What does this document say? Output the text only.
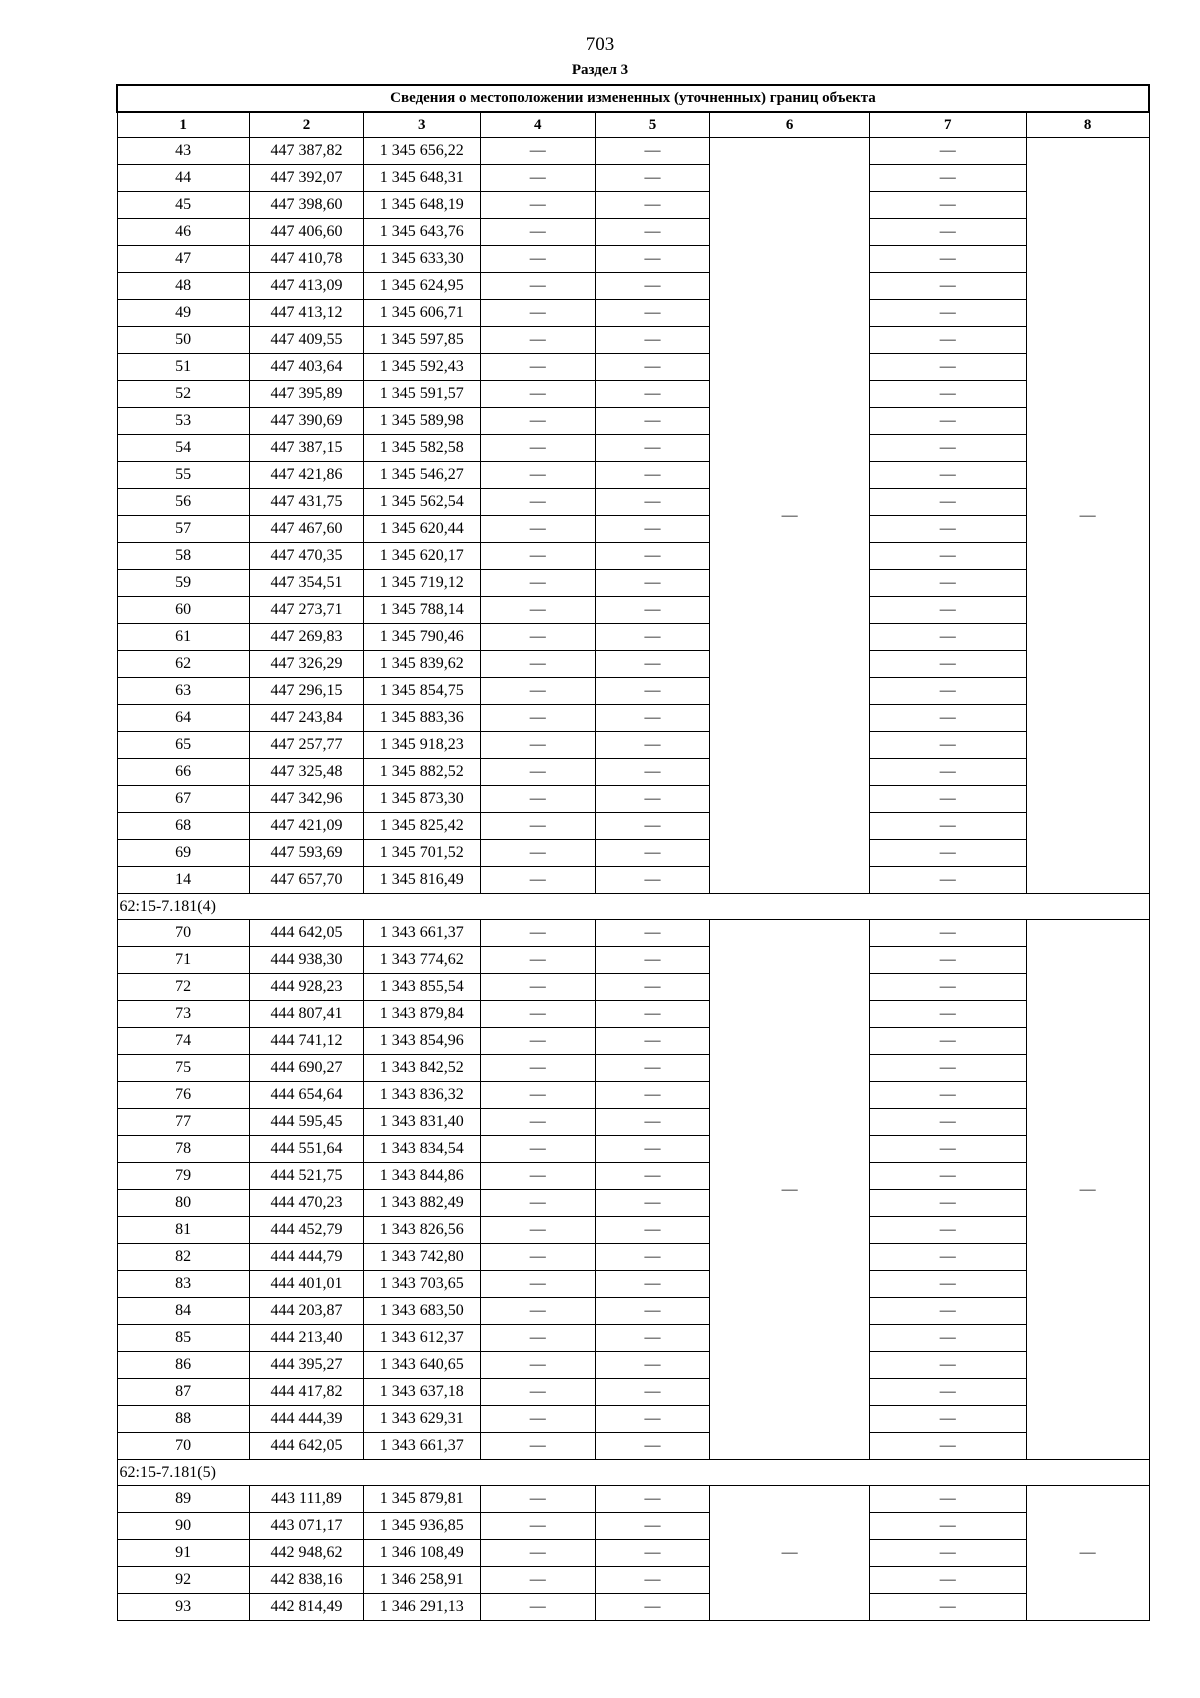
703
Раздел 3
Сведения о местоположении измененных (уточненных) границ объекта							
1	2	3	4	5	6	7	8
43	447 387,82	1 345 656,22	—	—	—	—	—
44	447 392,07	1 345 648,31	—	—		—	
45	447 398,60	1 345 648,19	—	—		—	
46	447 406,60	1 345 643,76	—	—		—	
47	447 410,78	1 345 633,30	—	—		—	
48	447 413,09	1 345 624,95	—	—		—	
49	447 413,12	1 345 606,71	—	—		—	
50	447 409,55	1 345 597,85	—	—		—	
51	447 403,64	1 345 592,43	—	—		—	
52	447 395,89	1 345 591,57	—	—		—	
53	447 390,69	1 345 589,98	—	—		—	
54	447 387,15	1 345 582,58	—	—		—	
55	447 421,86	1 345 546,27	—	—		—	
56	447 431,75	1 345 562,54	—	—		—	
57	447 467,60	1 345 620,44	—	—		—	
58	447 470,35	1 345 620,17	—	—		—	
59	447 354,51	1 345 719,12	—	—		—	
60	447 273,71	1 345 788,14	—	—		—	
61	447 269,83	1 345 790,46	—	—		—	
62	447 326,29	1 345 839,62	—	—		—	
63	447 296,15	1 345 854,75	—	—		—	
64	447 243,84	1 345 883,36	—	—		—	
65	447 257,77	1 345 918,23	—	—		—	
66	447 325,48	1 345 882,52	—	—		—	
67	447 342,96	1 345 873,30	—	—		—	
68	447 421,09	1 345 825,42	—	—		—	
69	447 593,69	1 345 701,52	—	—		—	
14	447 657,70	1 345 816,49	—	—		—	
62:15-7.181(4)							
70	444 642,05	1 343 661,37	—	—	—	—	—
71	444 938,30	1 343 774,62	—	—		—	
72	444 928,23	1 343 855,54	—	—		—	
73	444 807,41	1 343 879,84	—	—		—	
74	444 741,12	1 343 854,96	—	—		—	
75	444 690,27	1 343 842,52	—	—		—	
76	444 654,64	1 343 836,32	—	—		—	
77	444 595,45	1 343 831,40	—	—		—	
78	444 551,64	1 343 834,54	—	—		—	
79	444 521,75	1 343 844,86	—	—		—	
80	444 470,23	1 343 882,49	—	—		—	
81	444 452,79	1 343 826,56	—	—		—	
82	444 444,79	1 343 742,80	—	—		—	
83	444 401,01	1 343 703,65	—	—		—	
84	444 203,87	1 343 683,50	—	—		—	
85	444 213,40	1 343 612,37	—	—		—	
86	444 395,27	1 343 640,65	—	—		—	
87	444 417,82	1 343 637,18	—	—		—	
88	444 444,39	1 343 629,31	—	—		—	
70	444 642,05	1 343 661,37	—	—		—	
62:15-7.181(5)							
89	443 111,89	1 345 879,81	—	—	—	—	—
90	443 071,17	1 345 936,85	—	—		—	
91	442 948,62	1 346 108,49	—	—		—	
92	442 838,16	1 346 258,91	—	—		—	
93	442 814,49	1 346 291,13	—	—		—	
